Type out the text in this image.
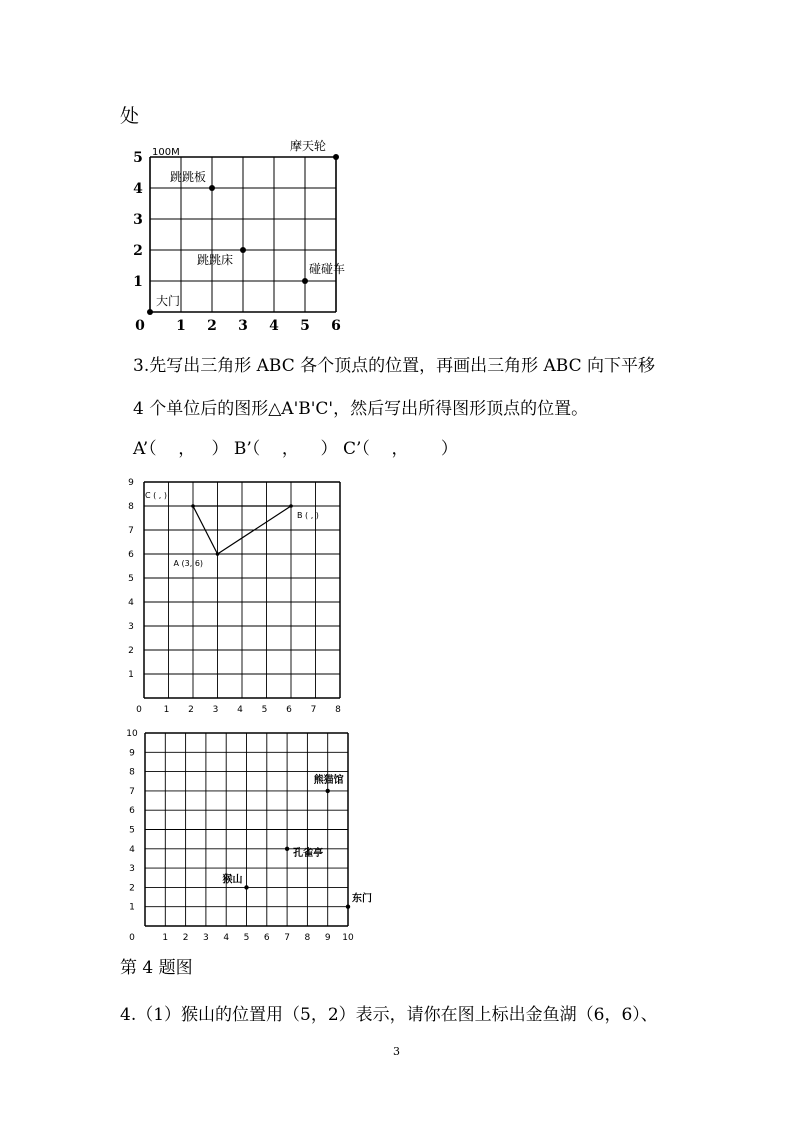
处
0 1 2 3 4 5 6
1
2
3
4
5 100M
跳跳板
摩天轮
跳跳床
碰碰车
大门
0 1 2 3 4 5 6 7 8
1
2
3
4
5
6
7
8
9
A (3, 6)
B ( , )
C ( , )
0	1 2 3 4 5 6 7 8 9 10
1
2
3
4
5
6
7
8
9
10
熊猫馆
孔雀亭
猴山
东门
3.先写出三角形 ABC 各个顶点的位置，再画出三角形 ABC 向下平移
4 个单位后的图形△A'B'C'，然后写出所得图形顶点的位置。
A’（    ，   ） B’（    ，    ） C’（    ，      ）
第 4 题图
4.（1）猴山的位置用（5，2）表示，请你在图上标出金鱼湖（6，6）、
3
